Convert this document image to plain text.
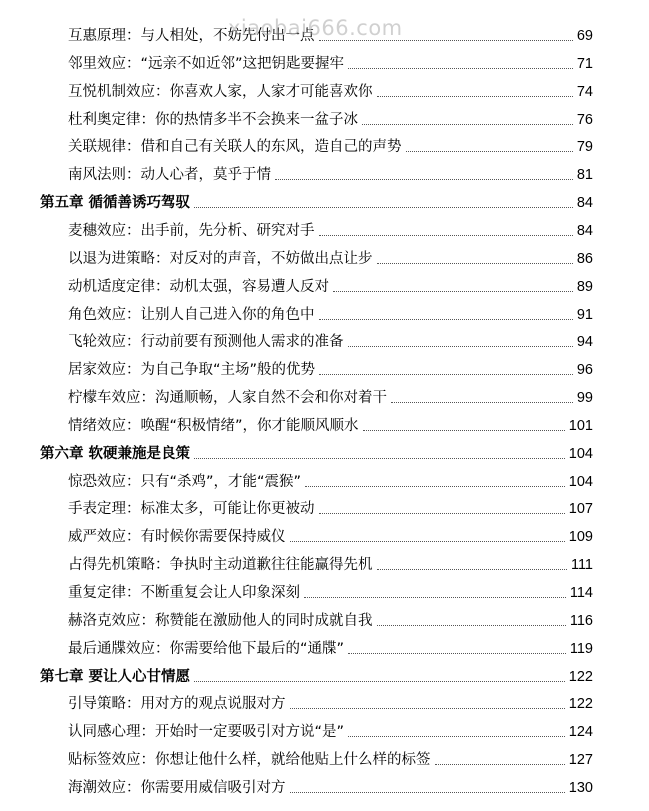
互惠原理：与人相处，不妨先付出一点	69
邻里效应：“远亲不如近邻”这把钥匙要握牢	71
互悦机制效应：你喜欢人家，人家才可能喜欢你	74
杜利奥定律：你的热情多半不会换来一盆子冰	76
关联规律：借和自己有关联人的东风，造自己的声势	79
南风法则：动人心者，莫乎于情	81
第五章 循循善诱巧驾驭	84
麦穗效应：出手前，先分析、研究对手	84
以退为进策略：对反对的声音，不妨做出点让步	86
动机适度定律：动机太强，容易遭人反对	89
角色效应：让别人自己进入你的角色中	91
飞轮效应：行动前要有预测他人需求的准备	94
居家效应：为自己争取“主场”般的优势	96
柠檬车效应：沟通顺畅，人家自然不会和你对着干	99
情绪效应：唤醒“积极情绪”，你才能顺风顺水	101
第六章 软硬兼施是良策	104
惊恐效应：只有“杀鸡”，才能“震猴”	104
手表定理：标准太多，可能让你更被动	107
威严效应：有时候你需要保持威仪	109
占得先机策略：争执时主动道歉往往能赢得先机	111
重复定律：不断重复会让人印象深刻	114
赫洛克效应：称赞能在激励他人的同时成就自我	116
最后通牒效应：你需要给他下最后的“通牒”	119
第七章 要让人心甘情愿	122
引导策略：用对方的观点说服对方	122
认同感心理：开始时一定要吸引对方说“是”	124
贴标签效应：你想让他什么样，就给他贴上什么样的标签	127
海潮效应：你需要用威信吸引对方	130
xiaobai666.com
